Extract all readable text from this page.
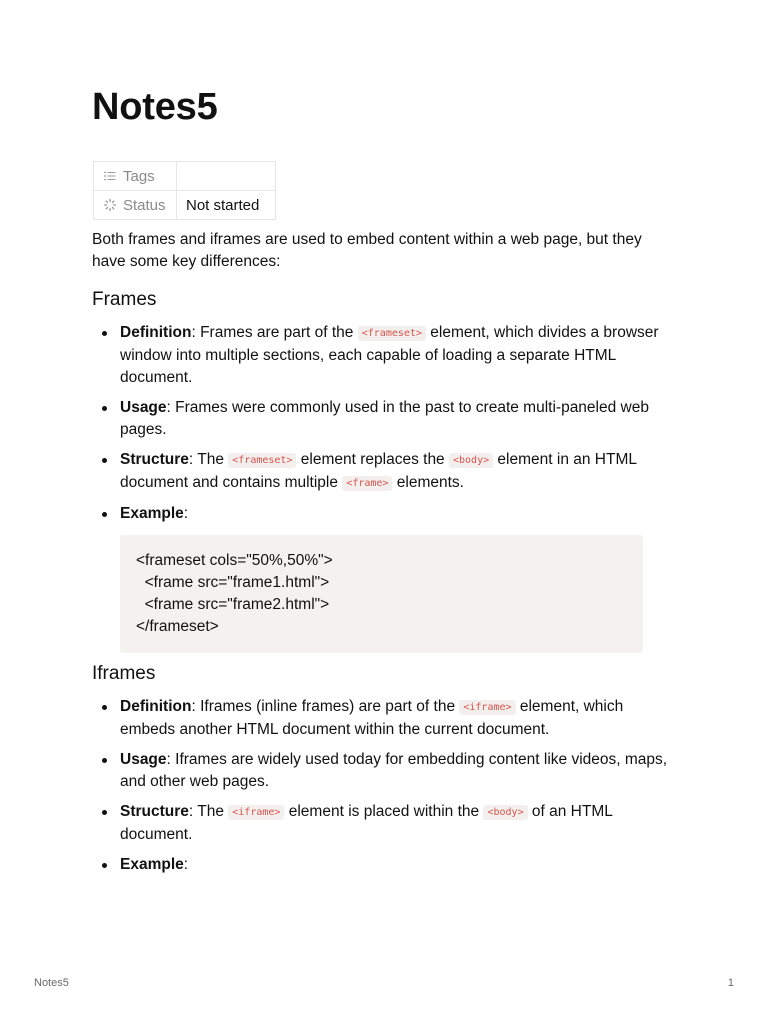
Notes5
Tags	
Status	Not started

Both frames and iframes are used to embed content within a web page, but they have some key differences:

Frames
Definition: Frames are part of the <frameset> element, which divides a browser window into multiple sections, each capable of loading a separate HTML document.
Usage: Frames were commonly used in the past to create multi-paneled web pages.
Structure: The <frameset> element replaces the <body> element in an HTML document and contains multiple <frame> elements.
Example:
<frameset cols="50%,50%">
<frame src="frame1.html">
<frame src="frame2.html">
</frameset>
Iframes
Definition: Iframes (inline frames) are part of the <iframe> element, which embeds another HTML document within the current document.
Usage: Iframes are widely used today for embedding content like videos, maps, and other web pages.
Structure: The <iframe> element is placed within the <body> of an HTML document.
Example:
Notes5	1
